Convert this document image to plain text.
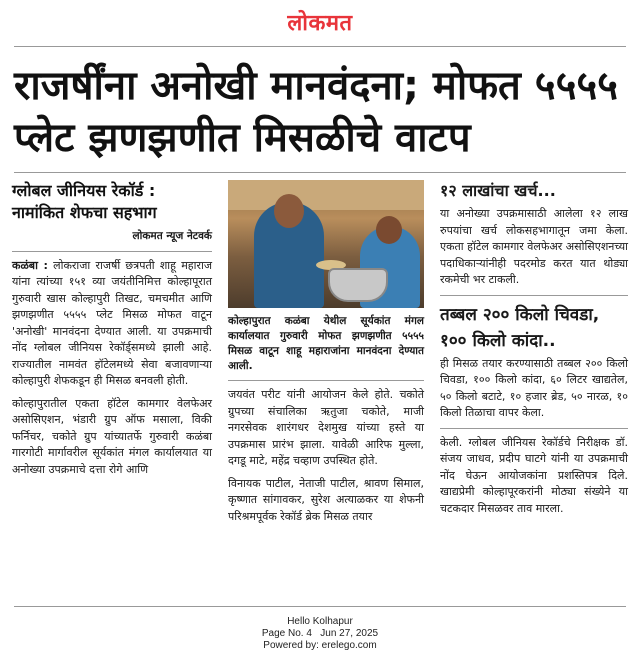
लोकमत
राजर्षींना अनोखी मानवंदना; मोफत ५५५५ प्लेट झणझणीत मिसळीचे वाटप
ग्लोबल जीनियस रेकॉर्ड : नामांकित शेफचा सहभाग
लोकमत न्यूज नेटवर्क

कळंबा : लोकराजा राजर्षी छत्रपती शाहू महाराज यांना त्यांच्या १५१ व्या जयंतीनिमित्त कोल्हापूरात गुरुवारी खास कोल्हापुरी तिखट, चमचमीत आणि झणझणीत ५५५५ प्लेट मिसळ मोफत वाटून 'अनोखी' मानवंदना देण्यात आली. या उपक्रमाची नोंद ग्लोबल जीनियस रेकॉर्ड्समध्ये झाली आहे. राज्यातील नामवंत हॉटेलमध्ये सेवा बजावणाऱ्या कोल्हापुरी शेफकडून ही मिसळ बनवली होती.

कोल्हापुरातील एकता हॉटेल कामगार वेलफेअर असोसिएशन, भंडारी ग्रुप ऑफ मसाला, विकी फर्निचर, चकोते ग्रुप यांच्यातर्फे गुरुवारी कळंबा गारगोटी मार्गावरील सूर्यकांत मंगल कार्यालयात या अनोख्या उपक्रमाचे दत्ता रोगे आणि

कोल्हापुरात कळंबा येथील सूर्यकांत मंगल कार्यालयात गुरुवारी मोफत झणझणीत ५५५५ मिसळ वाटून शाहू महाराजांना मानवंदना देण्यात आली.

जयवंत परीट यांनी आयोजन केले होते. चकोते ग्रुपच्या संचालिका ऋतुजा चकोते, माजी नगरसेवक शारंगधर देशमुख यांच्या हस्ते या उपक्रमास प्रारंभ झाला. यावेळी आरिफ मुल्ला, दगडू माटे, महेंद्र चव्हाण उपस्थित होते.

विनायक पाटील, नेताजी पाटील, श्रावण सिमाल, कृष्णात सांगावकर, सुरेश अत्याळकर या शेफनी परिश्रमपूर्वक रेकॉर्ड ब्रेक मिसळ तयार

१२ लाखांचा खर्च...

या अनोख्या उपक्रमासाठी आलेला १२ लाख रुपयांचा खर्च लोकसहभागातून जमा केला. एकता हॉटेल कामगार वेलफेअर असोसिएशनच्या पदाधिकाऱ्यांनीही पदरमोड करत यात थोड्या रकमेची भर टाकली.

तब्बल २०० किलो चिवडा, १०० किलो कांदा..

ही मिसळ तयार करण्यासाठी तब्बल २०० किलो चिवडा, १०० किलो कांदा, ६० लिटर खाद्यतेल, ५० किलो बटाटे, १० हजार ब्रेड, ५० नारळ, १० किलो तिळाचा वापर केला.

केली. ग्लोबल जीनियस रेकॉर्डचे निरीक्षक डॉ. संजय जाधव, प्रदीप घाटगे यांनी या उपक्रमाची नोंद घेऊन आयोजकांना प्रशस्तिपत्र दिले. खाद्यप्रेमी कोल्हापूरकरांनी मोठ्या संख्येने या चटकदार मिसळवर ताव मारला.

Hello Kolhapur
Page No. 4 Jun 27, 2025
Powered by: erelego.com
